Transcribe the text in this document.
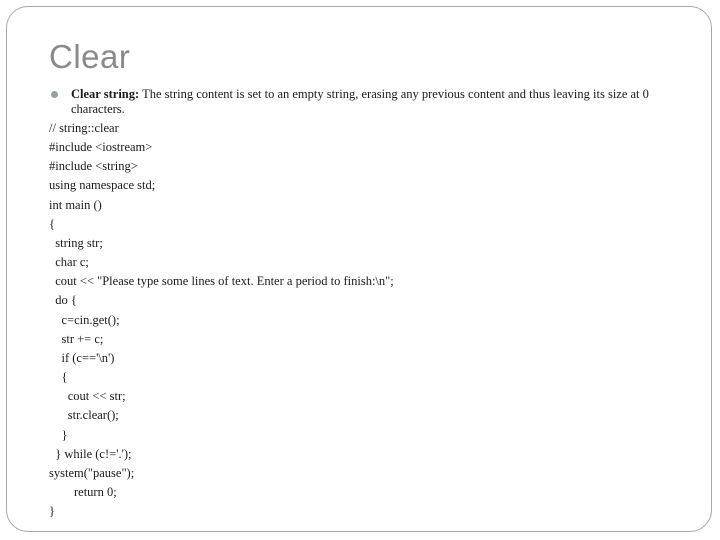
Clear
Clear string: The string content is set to an empty string, erasing any previous content and thus leaving its size at 0 characters.
// string::clear
#include <iostream>
#include <string>
using namespace std;
int main ()
{
string str;
char c;
cout << "Please type some lines of text. Enter a period to finish:\n";
do {
c=cin.get();
str += c;
if (c=='\n')
{
cout << str;
str.clear();
}
} while (c!='.');
system("pause");
return 0;
}
